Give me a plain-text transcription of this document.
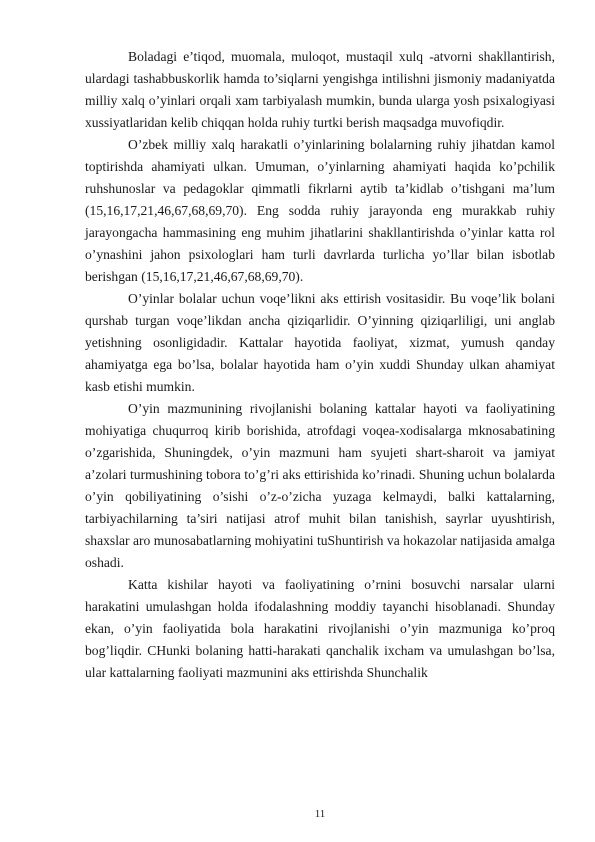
Boladagi e’tiqod, muomala, muloqot, mustaqil xulq -atvorni shakllantirish, ulardagi tashabbuskorlik hamda to’siqlarni yengishga intilishni jismoniy madaniyatda milliy xalq o’yinlari orqali xam tarbiyalash mumkin, bunda ularga yosh psixalogiyasi xussiyatlaridan kelib chiqqan holda ruhiy turtki berish maqsadga muvofiqdir.

O’zbek milliy xalq harakatli o’yinlarining bolalarning ruhiy jihatdan kamol toptirishda ahamiyati ulkan. Umuman, o’yinlarning ahamiyati haqida ko’pchilik ruhshunoslar va pedagoklar qimmatli fikrlarni aytib ta’kidlab o’tishgani ma’lum (15,16,17,21,46,67,68,69,70). Eng sodda ruhiy jarayonda eng murakkab ruhiy jarayongacha hammasining eng muhim jihatlarini shakllantirishda o’yinlar katta rol o’ynashini jahon psixologlari ham turli davrlarda turlicha yo’llar bilan isbotlab berishgan (15,16,17,21,46,67,68,69,70).

O’yinlar bolalar uchun voqe’likni aks ettirish vositasidir. Bu voqe’lik bolani qurshab turgan voqe’likdan ancha qiziqarlidir. O’yinning qiziqarliligi, uni anglab yetishning osonligidadir. Kattalar hayotida faoliyat, xizmat, yumush qanday ahamiyatga ega bo’lsa, bolalar hayotida ham o’yin xuddi Shunday ulkan ahamiyat kasb etishi mumkin.

O’yin mazmunining rivojlanishi bolaning kattalar hayoti va faoliyatining mohiyatiga chuqurroq kirib borishida, atrofdagi voqea-xodisalarga mknosabatining o’zgarishida, Shuningdek, o’yin mazmuni ham syujeti shart-sharoit va jamiyat a’zolari turmushining tobora to’g’ri aks ettirishida ko’rinadi. Shuning uchun bolalarda o’yin qobiliyatining o’sishi o’z-o’zicha yuzaga kelmaydi, balki kattalarning, tarbiyachilarning ta’siri natijasi atrof muhit bilan tanishish, sayrlar uyushtirish, shaxslar aro munosabatlarning mohiyatini tuShuntirish va hokazolar natijasida amalga oshadi.

Katta kishilar hayoti va faoliyatining o’rnini bosuvchi narsalar ularni harakatini umulashgan holda ifodalashning moddiy tayanchi hisoblanadi. Shunday ekan, o’yin faoliyatida bola harakatini rivojlanishi o’yin mazmuniga ko’proq bog’liqdir. CHunki bolaning hatti-harakati qanchalik ixcham va umulashgan bo’lsa, ular kattalarning faoliyati mazmunini aks ettirishda Shunchalik

11
